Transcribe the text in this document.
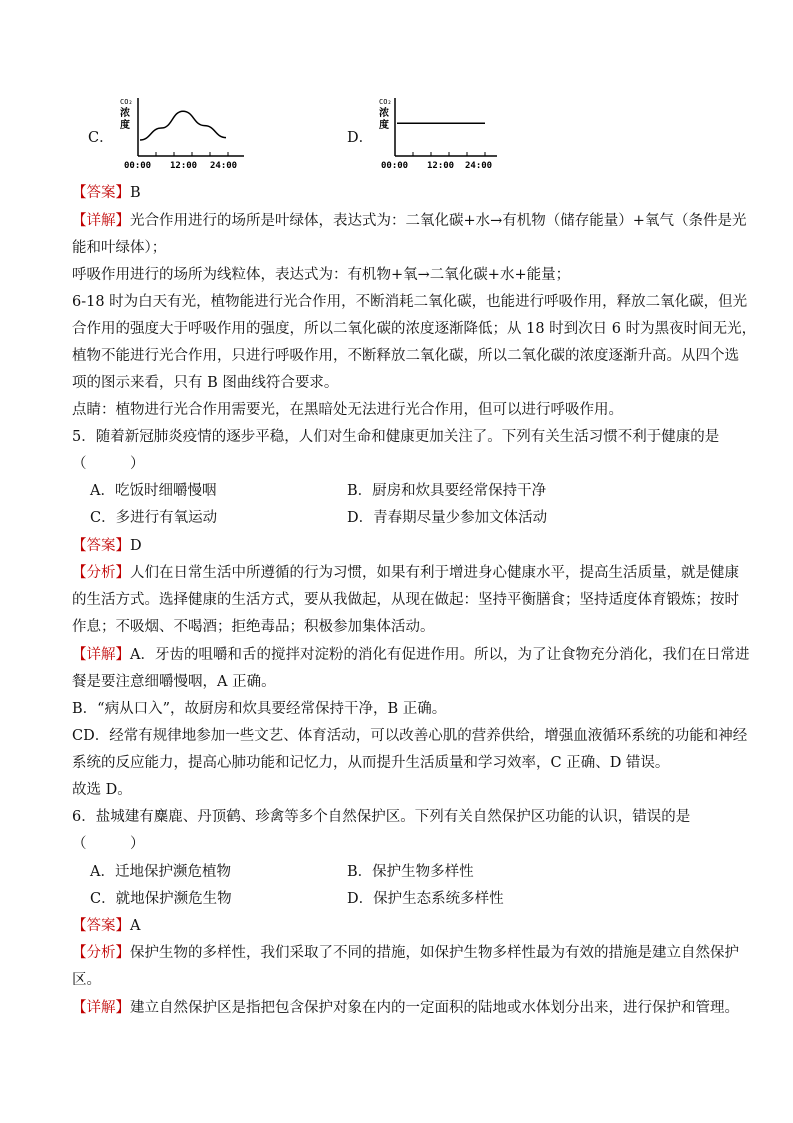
C．
CO₂
浓
度
00:00 12:00 24:00
D．
CO₂
浓
度
00:00 12:00 24:00
【答案】B
【详解】光合作用进行的场所是叶绿体，表达式为：二氧化碳+水→有机物（储存能量）+氧气（条件是光
能和叶绿体）；
呼吸作用进行的场所为线粒体，表达式为：有机物+氧→二氧化碳+水+能量；
6-18 时为白天有光，植物能进行光合作用，不断消耗二氧化碳，也能进行呼吸作用，释放二氧化碳，但光
合作用的强度大于呼吸作用的强度，所以二氧化碳的浓度逐渐降低；从 18 时到次日 6 时为黑夜时间无光，
植物不能进行光合作用，只进行呼吸作用，不断释放二氧化碳，所以二氧化碳的浓度逐渐升高。从四个选
项的图示来看，只有 B 图曲线符合要求。
点睛：植物进行光合作用需要光，在黑暗处无法进行光合作用，但可以进行呼吸作用。
5．随着新冠肺炎疫情的逐步平稳，人们对生命和健康更加关注了。下列有关生活习惯不利于健康的是
（　　　）
A．吃饭时细嚼慢咽	B．厨房和炊具要经常保持干净
C．多进行有氧运动	D．青春期尽量少参加文体活动
【答案】D
【分析】人们在日常生活中所遵循的行为习惯，如果有利于增进身心健康水平，提高生活质量，就是健康
的生活方式。选择健康的生活方式，要从我做起，从现在做起：坚持平衡膳食；坚持适度体育锻炼；按时
作息；不吸烟、不喝酒；拒绝毒品；积极参加集体活动。
【详解】A．牙齿的咀嚼和舌的搅拌对淀粉的消化有促进作用。所以，为了让食物充分消化，我们在日常进
餐是要注意细嚼慢咽，A 正确。
B．“病从口入”，故厨房和炊具要经常保持干净，B 正确。
CD．经常有规律地参加一些文艺、体育活动，可以改善心肌的营养供给，增强血液循环系统的功能和神经
系统的反应能力，提高心肺功能和记忆力，从而提升生活质量和学习效率，C 正确、D 错误。
故选 D。
6．盐城建有麋鹿、丹顶鹤、珍禽等多个自然保护区。下列有关自然保护区功能的认识，错误的是
（　　　）
A．迁地保护濒危植物	B．保护生物多样性
C．就地保护濒危生物	D．保护生态系统多样性
【答案】A
【分析】保护生物的多样性，我们采取了不同的措施，如保护生物多样性最为有效的措施是建立自然保护
区。
【详解】建立自然保护区是指把包含保护对象在内的一定面积的陆地或水体划分出来，进行保护和管理。
